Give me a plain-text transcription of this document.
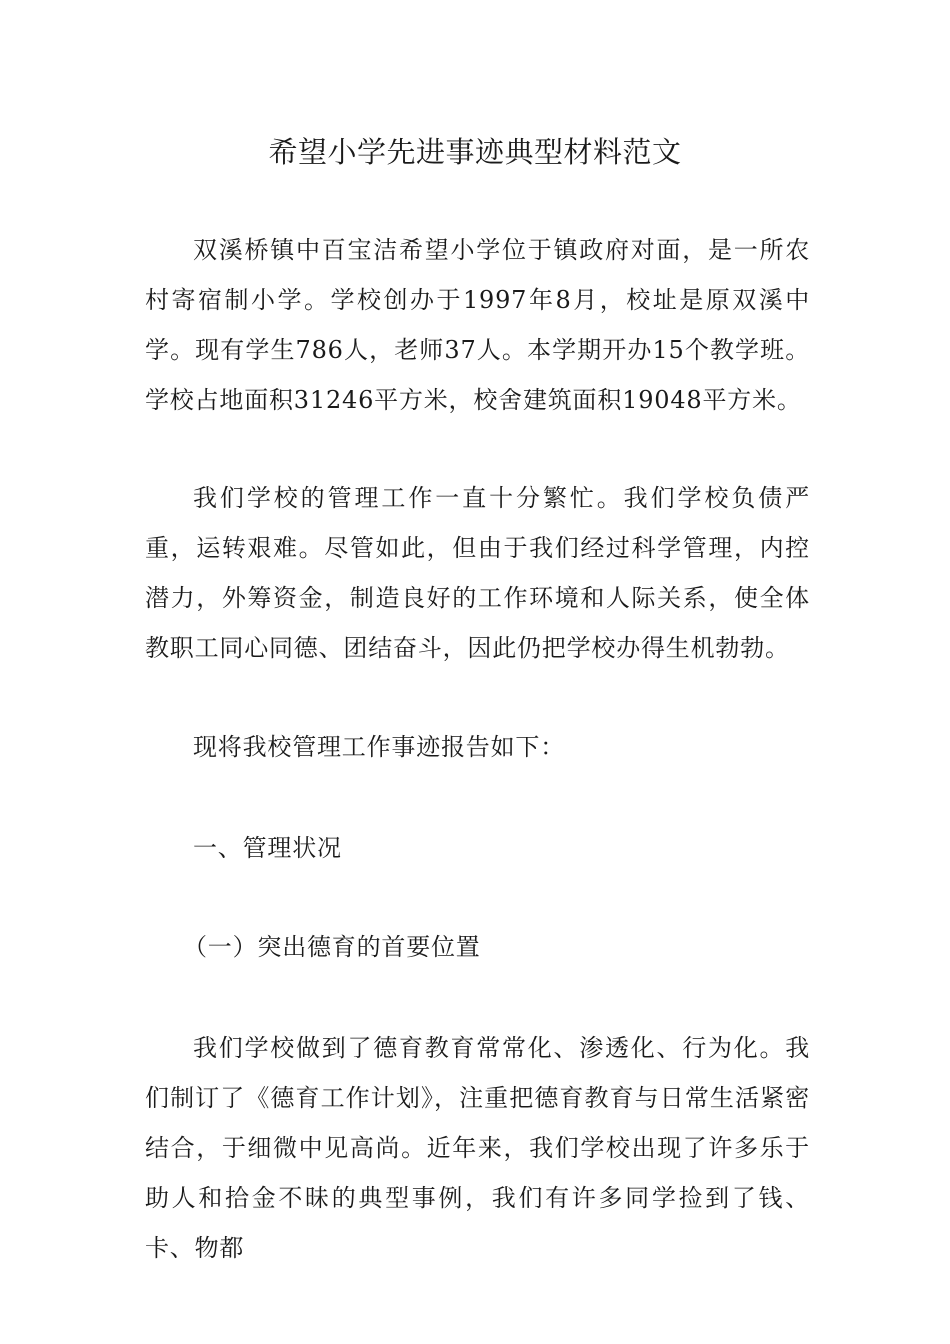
希望小学先进事迹典型材料范文

双溪桥镇中百宝洁希望小学位于镇政府对面，是一所农村寄宿制小学。学校创办于1997年8月，校址是原双溪中学。现有学生786人，老师37人。本学期开办15个教学班。学校占地面积31246平方米，校舍建筑面积19048平方米。

我们学校的管理工作一直十分繁忙。我们学校负债严重，运转艰难。尽管如此，但由于我们经过科学管理，内控潜力，外筹资金，制造良好的工作环境和人际关系，使全体教职工同心同德、团结奋斗，因此仍把学校办得生机勃勃。

现将我校管理工作事迹报告如下：

一、管理状况

（一）突出德育的首要位置

我们学校做到了德育教育常常化、渗透化、行为化。我们制订了《德育工作计划》，注重把德育教育与日常生活紧密结合，于细微中见高尚。近年来，我们学校出现了许多乐于助人和拾金不昧的典型事例，我们有许多同学捡到了钱、卡、物都
